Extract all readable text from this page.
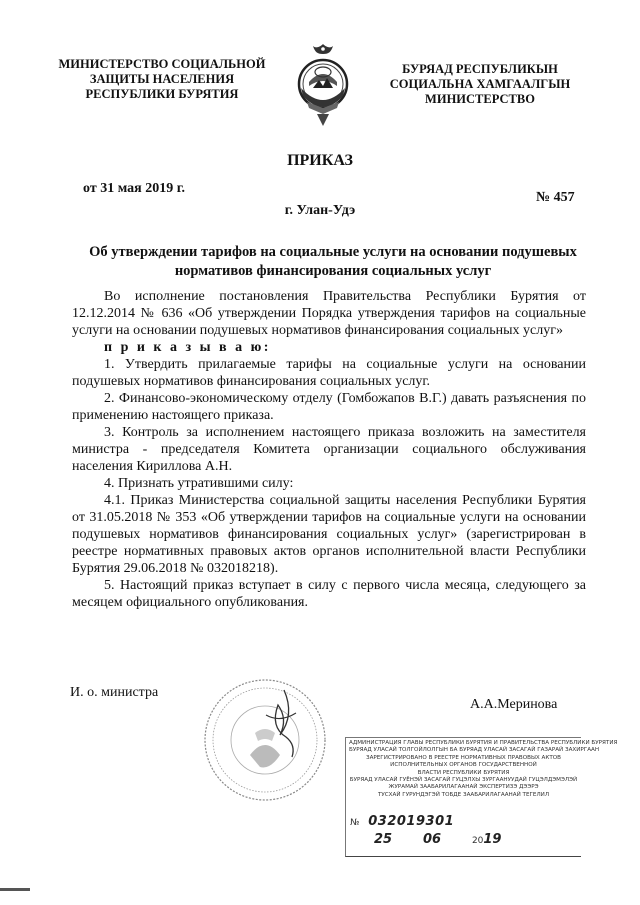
МИНИСТЕРСТВО СОЦИАЛЬНОЙ
ЗАЩИТЫ НАСЕЛЕНИЯ
РЕСПУБЛИКИ БУРЯТИЯ
БУРЯАД РЕСПУБЛИКЫН
СОЦИАЛЬНА ХАМГААЛГЫН
МИНИСТЕРСТВО
ПРИКАЗ
от 31 мая 2019 г.
№ 457
г. Улан-Удэ
Об утверждении тарифов на социальные услуги на основании подушевых
нормативов финансирования социальных услуг

Во исполнение постановления Правительства Республики Бурятия от 12.12.2014 № 636 «Об утверждении Порядка утверждения тарифов на социальные услуги на основании подушевых нормативов финансирования социальных услуг»

п р и к а з ы в а ю:

1. Утвердить прилагаемые тарифы на социальные услуги на основании подушевых нормативов финансирования социальных услуг.

2. Финансово-экономическому отделу (Гомбожапов В.Г.) давать разъяснения по применению настоящего приказа.

3. Контроль за исполнением настоящего приказа возложить на заместителя министра - председателя Комитета организации социального обслуживания населения Кириллова А.Н.

4. Признать утратившими силу:

4.1. Приказ Министерства социальной защиты населения Республики Бурятия от 31.05.2018 № 353 «Об утверждении тарифов на социальные услуги на основании подушевых нормативов финансирования социальных услуг» (зарегистрирован в реестре нормативных правовых актов органов исполнительной власти Республики Бурятия 29.06.2018 № 032018218).

5. Настоящий приказ вступает в силу с первого числа месяца, следующего за месяцем официального опубликования.

И. о. министра
А.А.Меринова
АДМИНИСТРАЦИЯ ГЛАВЫ РЕСПУБЛИКИ БУРЯТИЯ И ПРАВИТЕЛЬСТВА РЕСПУБЛИКИ БУРЯТИЯ
БУРЯАД УЛАСАЙ ТОЛГОЙЛОЛГЫН БА БУРЯАД УЛАСАЙ ЗАСАГАЙ ГАЗАРАЙ ЗАХИРГААН
ЗАРЕГИСТРИРОВАНО В РЕЕСТРЕ НОРМАТИВНЫХ ПРАВОВЫХ АКТОВ
ИСПОЛНИТЕЛЬНЫХ ОРГАНОВ ГОСУДАРСТВЕННОЙ
ВЛАСТИ РЕСПУБЛИКИ БУРЯТИЯ
БУРЯАД УЛАСАЙ ГУЁНЭЙ ЗАСАГАЙ ГУЦЭЛХЫ ЗУРГААНУУДАЙ ГУЦЭЛДЭМЭЛЭЙ
ЖУРАМАЙ ЗААБАРИЛАГААНАЙ ЭКСПЕРТИЗЭ ДЭЭРЭ
ТУСХАЙ ГУРУНДЭГЭЙ ТОБДЕ ЗААБАРИЛАГААНАЙ ТЕГЕЛИЛ
№ 032019301
25 06	2019
